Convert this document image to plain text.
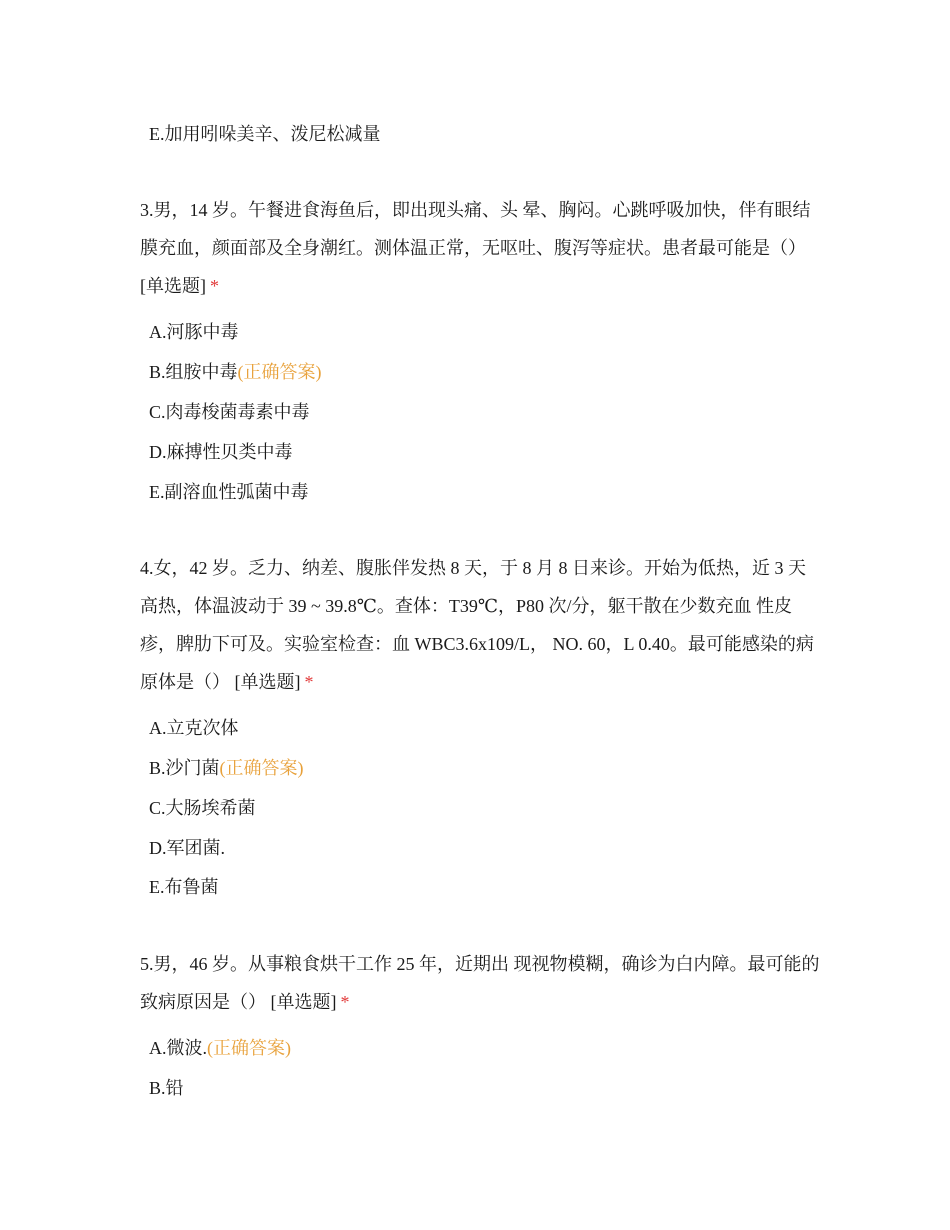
E.加用吲哚美辛、泼尼松减量
3.男，14 岁。午餐进食海鱼后，即出现头痛、头 晕、胸闷。心跳呼吸加快，伴有眼结膜充血，颜面部及全身潮红。测体温正常，无呕吐、腹泻等症状。患者最可能是（） [单选题] *
A.河豚中毒
B.组胺中毒(正确答案)
C.肉毒梭菌毒素中毒
D.麻搏性贝类中毒
E.副溶血性弧菌中毒
4.女，42 岁。乏力、纳差、腹胀伴发热 8 天，于 8 月 8 日来诊。开始为低热，近 3 天高热，体温波动于 39 ~ 39.8℃。查体：T39℃，P80 次/分，躯干散在少数充血 性皮疹，脾肋下可及。实验室检查：血 WBC3.6x109/L， NO. 60，L 0.40。最可能感染的病原体是（） [单选题] *
A.立克次体
B.沙门菌(正确答案)
C.大肠埃希菌
D.军团菌.
E.布鲁菌
5.男，46 岁。从事粮食烘干工作 25 年，近期出 现视物模糊，确诊为白内障。最可能的致病原因是（） [单选题] *
A.微波.(正确答案)
B.铅
